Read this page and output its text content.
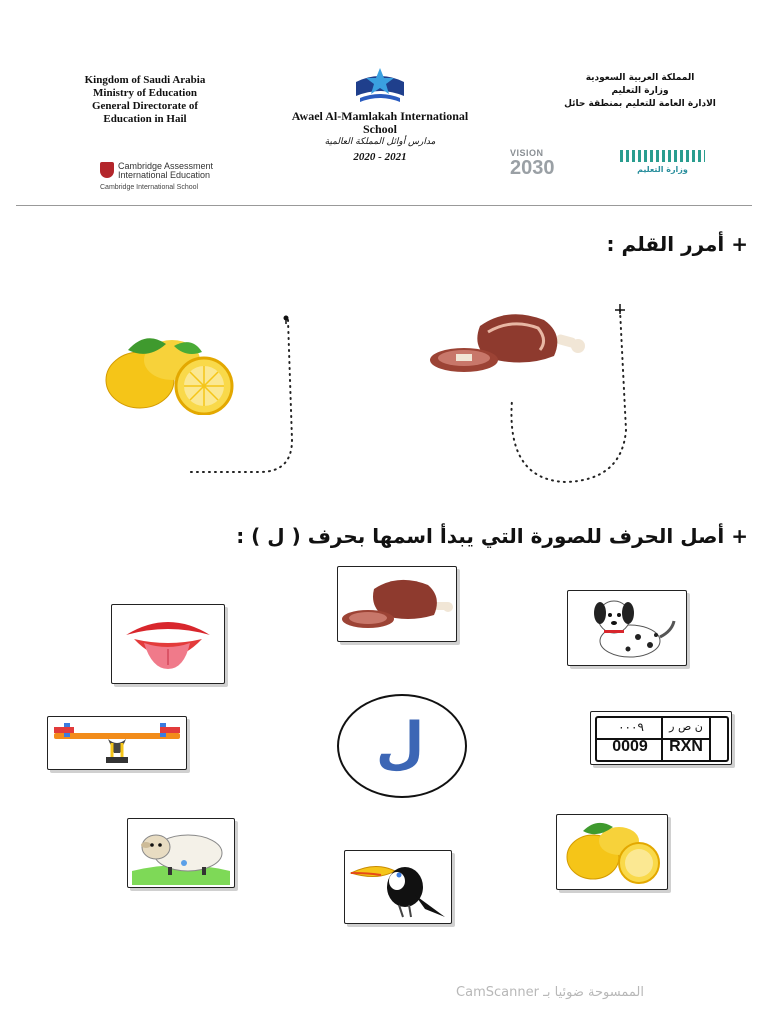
Kingdom of Saudi Arabia
Ministry of Education
General Directorate of
Education in Hail
Cambridge Assessment
International Education
Cambridge International School
Awael Al-Mamlakah International
School
مدارس أوائل المملكة العالمية
2020 - 2021
المملكة العربية السعودية
وزارة التعليم
الادارة العامة للتعليم بمنطقة حائل
VISION
2030	وزارة التعليم
+ أمرر القلم :
+ أصل الحرف للصورة التي يبدأ اسمها بحرف ( ل ) :
ل	٠٠٠٩	ن ص ر
0009	RXN
الممسوحة ضوئيا بـ CamScanner
